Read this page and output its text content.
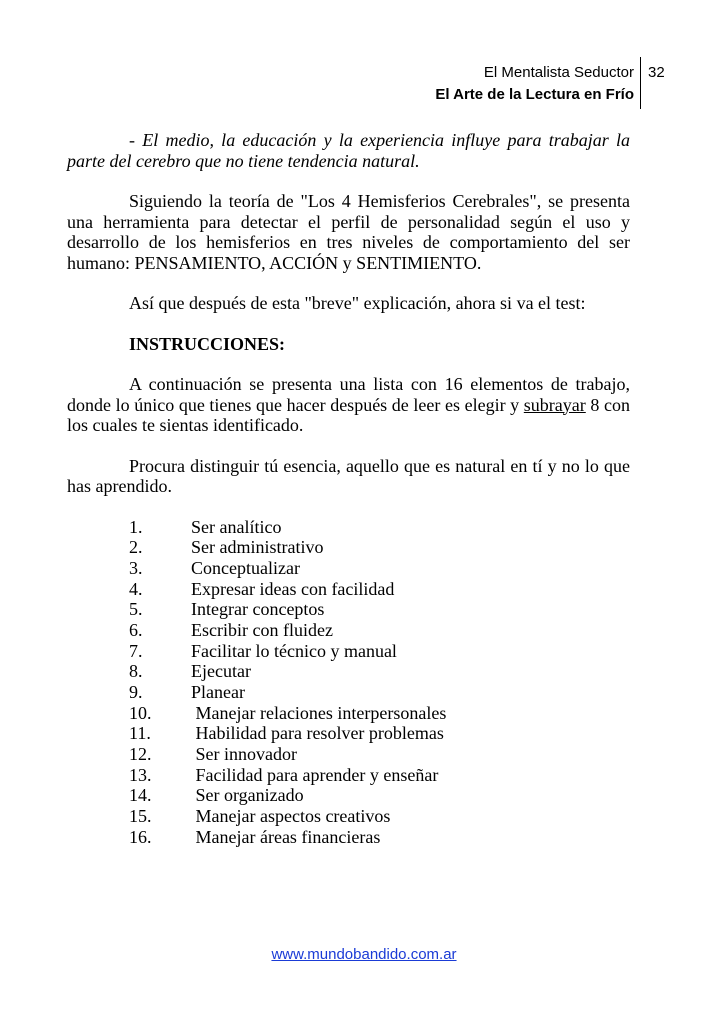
El Mentalista Seductor
El Arte de la Lectura en Frío
32

- El medio, la educación y la experiencia influye para trabajar la parte del cerebro que no tiene tendencia natural.

Siguiendo la teoría de "Los 4 Hemisferios Cerebrales", se presenta una herramienta para detectar el perfil de personalidad según el uso y desarrollo de los hemisferios en tres niveles de comportamiento del ser humano: PENSAMIENTO, ACCIÓN y SENTIMIENTO.

Así que después de esta "breve" explicación, ahora si va el test:

INSTRUCCIONES:

A continuación se presenta una lista con 16 elementos de trabajo, donde lo único que tienes que hacer después de leer es elegir y subrayar 8 con los cuales te sientas identificado.

Procura distinguir tú esencia, aquello que es natural en tí y no lo que has aprendido.

1.	Ser analítico
2.	Ser administrativo
3.	Conceptualizar
4.	Expresar ideas con facilidad
5.	Integrar conceptos
6.	Escribir con fluidez
7.	Facilitar lo técnico y manual
8.	Ejecutar
9.	Planear
10.	Manejar relaciones interpersonales
11.	Habilidad para resolver problemas
12.	Ser innovador
13.	Facilidad para aprender y enseñar
14.	Ser organizado
15.	Manejar aspectos creativos
16.	Manejar áreas financieras
www.mundobandido.com.ar
